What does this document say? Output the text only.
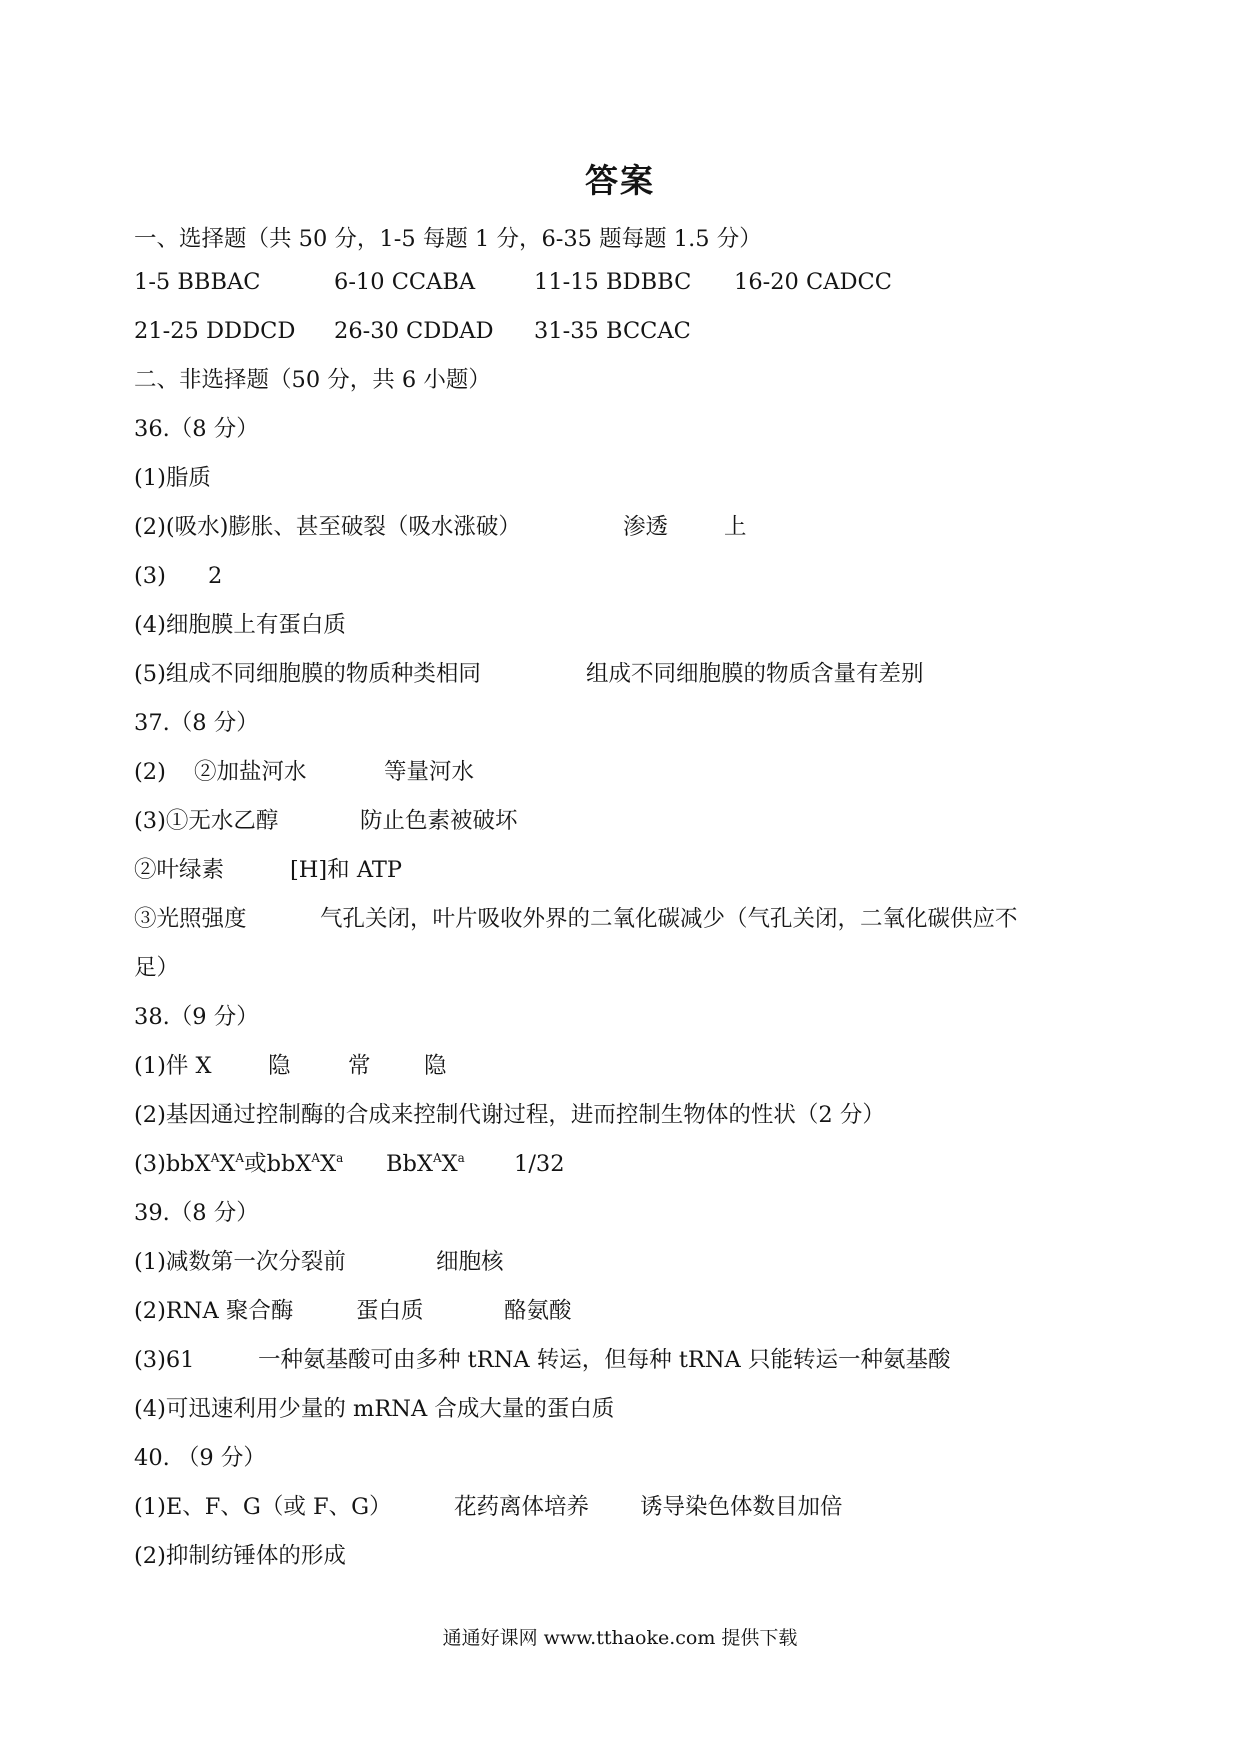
答案
一、选择题（共 50 分，1-5 每题 1 分，6-35 题每题 1.5 分）
1-5 BBBAC	6-10 CCABA	11-15 BDBBC 16-20 CADCC
21-25 DDDCD 26-30 CDDAD 31-35 BCCAC
二、非选择题（50 分，共 6 小题）
36.（8 分）
(1)脂质
(2)(吸水)膨胀、甚至破裂（吸水涨破）	渗透 上
(3) 2
(4)细胞膜上有蛋白质
(5)组成不同细胞膜的物质种类相同	组成不同细胞膜的物质含量有差别
37.（8 分）
(2) ②加盐河水	等量河水
(3)①无水乙醇	防止色素被破坏
②叶绿素	[H]和 ATP
③光照强度	气孔关闭，叶片吸收外界的二氧化碳减少（气孔关闭，二氧化碳供应不
足）
38.（9 分）
(1)伴 X	隐	常 隐
(2)基因通过控制酶的合成来控制代谢过程，进而控制生物体的性状（2 分）
$(3)bbX^AX^A$或$bbX^AX^a$ $BbX^AX^a$ 1/32
39.（8 分）
(1)减数第一次分裂前	细胞核
(2)RNA 聚合酶	蛋白质	酪氨酸
(3)61	一种氨基酸可由多种 tRNA 转运，但每种 tRNA 只能转运一种氨基酸
(4)可迅速利用少量的 mRNA 合成大量的蛋白质
40. （9 分）
(1)E、F、G（或 F、G）	花药离体培养 诱导染色体数目加倍
(2)抑制纺锤体的形成
通通好课网 www.tthaoke.com 提供下载
